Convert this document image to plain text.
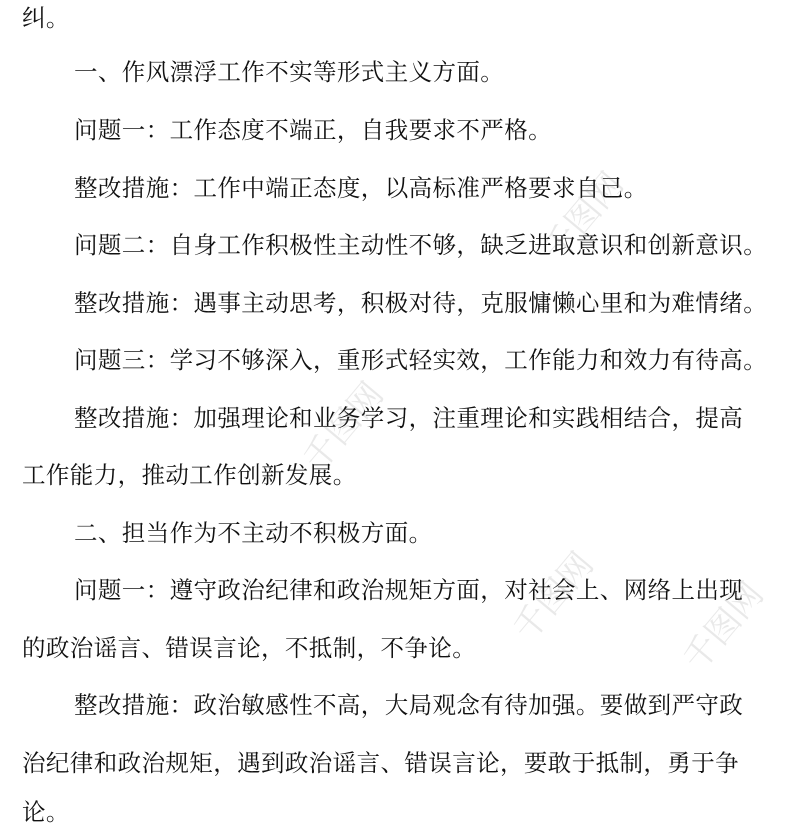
纠。
一、作风漂浮工作不实等形式主义方面。
问题一：工作态度不端正，自我要求不严格。
整改措施：工作中端正态度，以高标准严格要求自己。
问题二：自身工作积极性主动性不够，缺乏进取意识和创新意识。
整改措施：遇事主动思考，积极对待，克服慵懒心里和为难情绪。
问题三：学习不够深入，重形式轻实效，工作能力和效力有待高。
整改措施：加强理论和业务学习，注重理论和实践相结合，提高
工作能力，推动工作创新发展。
二、担当作为不主动不积极方面。
问题一：遵守政治纪律和政治规矩方面，对社会上、网络上出现
的政治谣言、错误言论，不抵制，不争论。
整改措施：政治敏感性不高，大局观念有待加强。要做到严守政
治纪律和政治规矩，遇到政治谣言、错误言论，要敢于抵制，勇于争
论。
千图网
千图网
千图网 千图网
